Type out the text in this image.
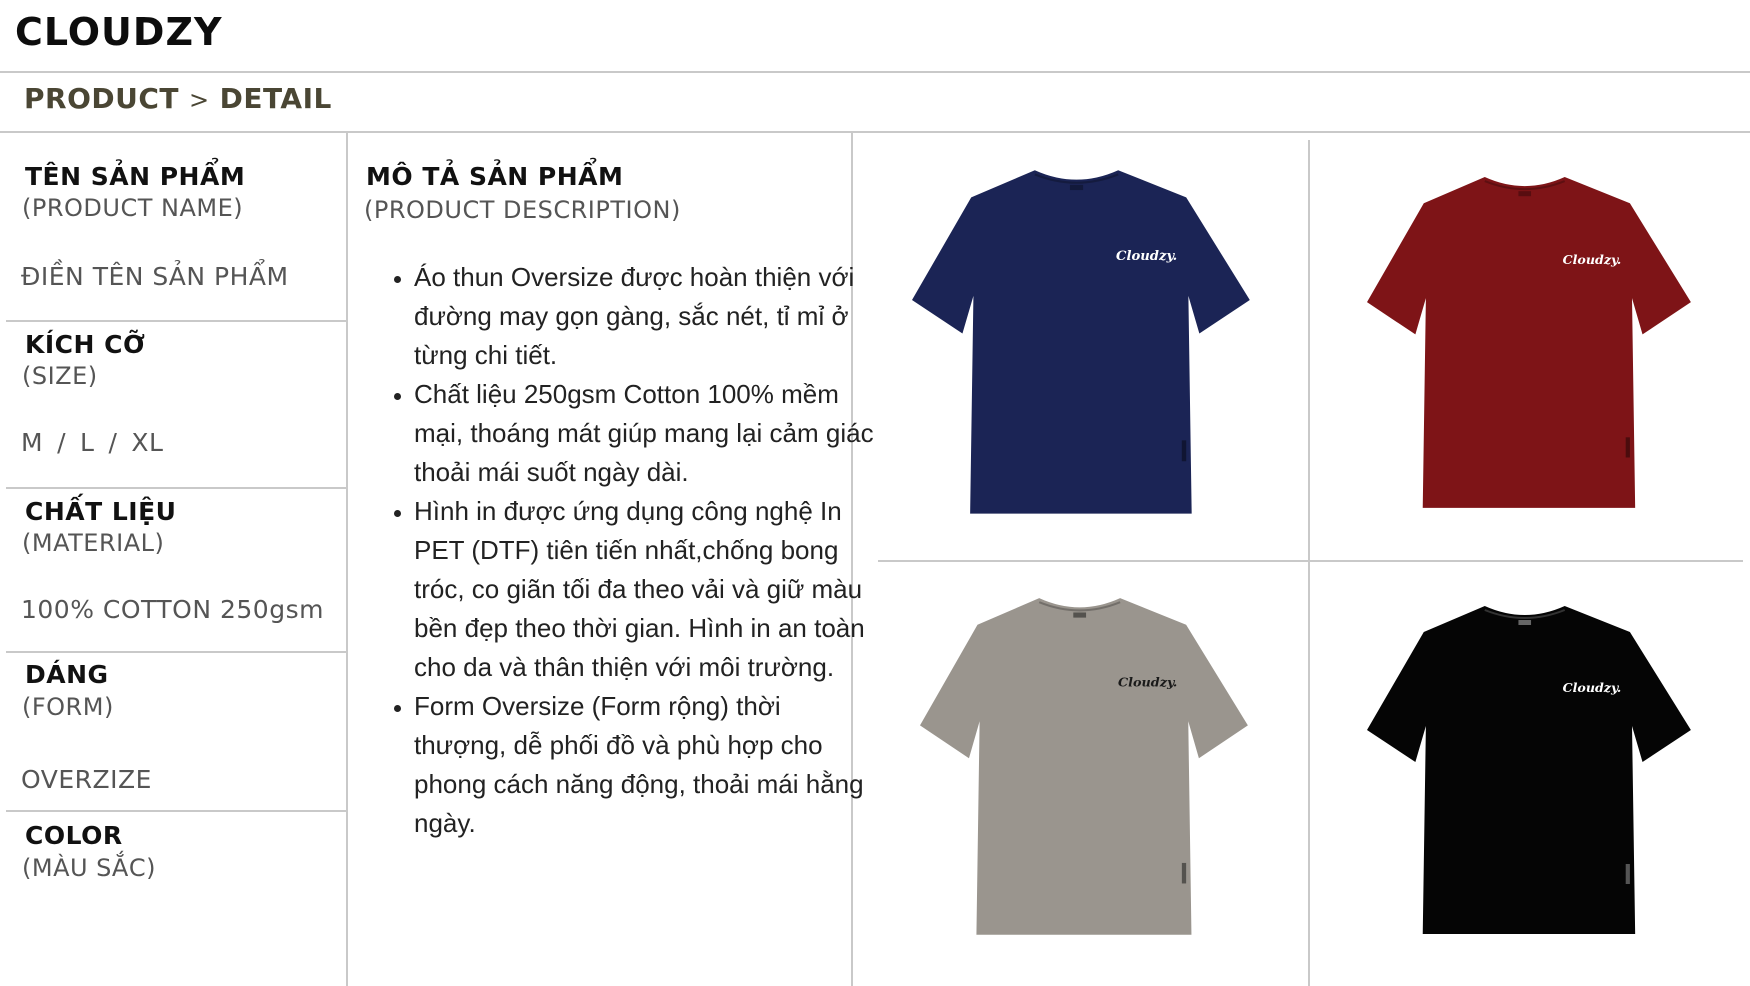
CLOUDZY
PRODUCT > DETAIL
TÊN SẢN PHẨM
(PRODUCT NAME)
ĐIỀN TÊN SẢN PHẨM
KÍCH CỠ
(SIZE)
M / L / XL
CHẤT LIỆU
(MATERIAL)
100% COTTON 250gsm
DÁNG
(FORM)
OVERZIZE
COLOR
(MÀU SẮC)
MÔ TẢ SẢN PHẨM
(PRODUCT DESCRIPTION)
• Áo thun Oversize được hoàn thiện với đường may gọn gàng, sắc nét, tỉ mỉ ở từng chi tiết.
• Chất liệu 250gsm Cotton 100% mềm mại, thoáng mát giúp mang lại cảm giác thoải mái suốt ngày dài.
• Hình in được ứng dụng công nghệ In PET (DTF) tiên tiến nhất,chống bong tróc, co giãn tối đa theo vải và giữ màu bền đẹp theo thời gian. Hình in an toàn cho da và thân thiện với môi trường.
• Form Oversize (Form rộng) thời thượng, dễ phối đồ và phù hợp cho phong cách năng động, thoải mái hằng ngày.
Cloudzy.	Cloudzy.
Cloudzy.	Cloudzy.
